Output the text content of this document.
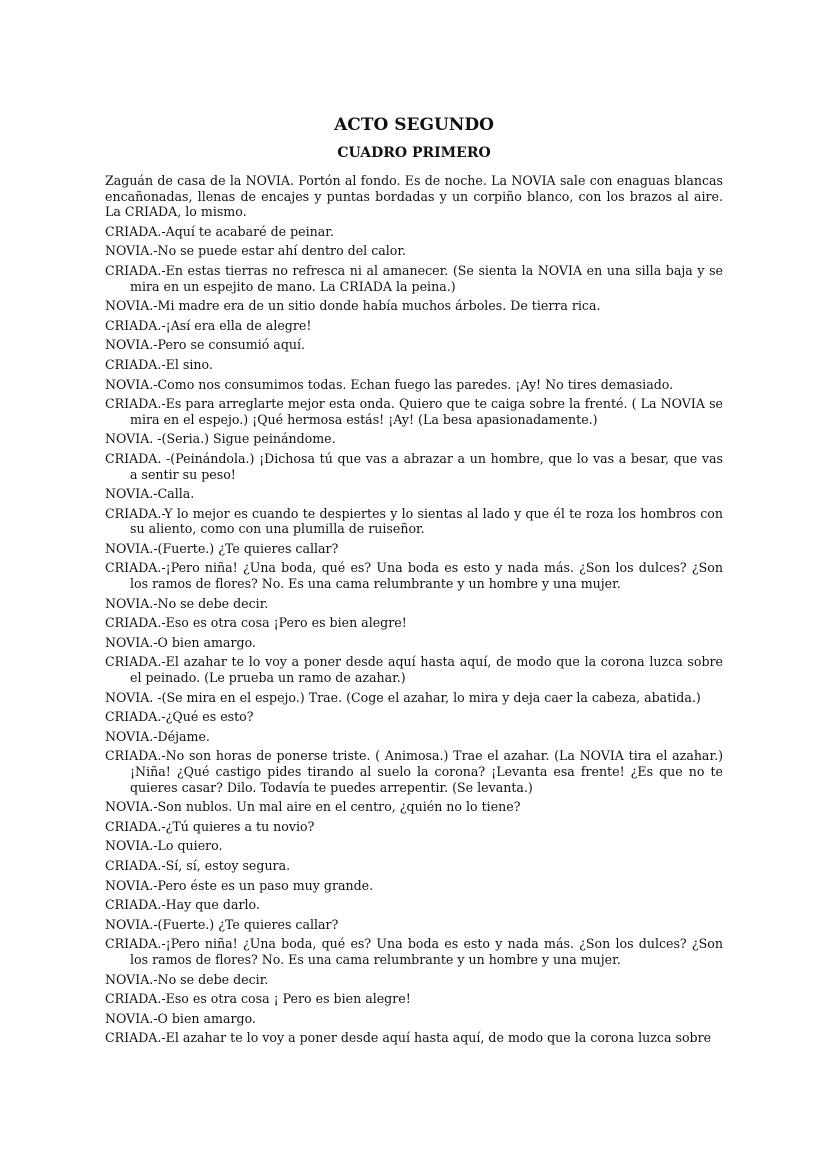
ACTO SEGUNDO
CUADRO PRIMERO

Zaguán de casa de la NOVIA. Portón al fondo. Es de noche. La NOVIA sale con enaguas blancas encañonadas, llenas de encajes y puntas bordadas y un corpiño blanco, con los brazos al aire. La CRIADA, lo mismo.

CRIADA.-Aquí te acabaré de peinar.

NOVIA.-No se puede estar ahí dentro del calor.

CRIADA.-En estas tierras no refresca ni al amanecer. (Se sienta la NOVIA en una silla baja y se mira en un espejito de mano. La CRIADA la peina.)

NOVIA.-Mi madre era de un sitio donde había muchos árboles. De tierra rica.

CRIADA.-¡Así era ella de alegre!

NOVIA.-Pero se consumió aquí.

CRIADA.-El sino.

NOVIA.-Como nos consumimos todas. Echan fuego las paredes. ¡Ay! No tires demasiado.

CRIADA.-Es para arreglarte mejor esta onda. Quiero que te caiga sobre la frenté. ( La NOVIA se mira en el espejo.) ¡Qué hermosa estás! ¡Ay! (La besa apasionadamente.)

NOVIA. -(Seria.) Sigue peinándome.

CRIADA. -(Peinándola.) ¡Dichosa tú que vas a abrazar a un hombre, que lo vas a besar, que vas a sentir su peso!

NOVIA.-Calla.

CRIADA.-Y lo mejor es cuando te despiertes y lo sientas al lado y que él te roza los hombros con su aliento, como con una plumilla de ruiseñor.

NOVIA.-(Fuerte.) ¿Te quieres callar?

CRIADA.-¡Pero niña! ¿Una boda, qué es? Una boda es esto y nada más. ¿Son los dulces? ¿Son los ramos de flores? No. Es una cama relumbrante y un hombre y una mujer.

NOVIA.-No se debe decir.

CRIADA.-Eso es otra cosa ¡Pero es bien alegre!

NOVIA.-O bien amargo.

CRIADA.-El azahar te lo voy a poner desde aquí hasta aquí, de modo que la corona luzca sobre el peinado. (Le prueba un ramo de azahar.)

NOVIA. -(Se mira en el espejo.) Trae. (Coge el azahar, lo mira y deja caer la cabeza, abatida.)

CRIADA.-¿Qué es esto?

NOVIA.-Déjame.

CRIADA.-No son horas de ponerse triste. ( Animosa.) Trae el azahar. (La NOVIA tira el azahar.) ¡Niña! ¿Qué castigo pides tirando al suelo la corona? ¡Levanta esa frente! ¿Es que no te quieres casar? Dilo. Todavía te puedes arrepentir. (Se levanta.)

NOVIA.-Son nublos. Un mal aire en el centro, ¿quién no lo tiene?

CRIADA.-¿Tú quieres a tu novio?

NOVIA.-Lo quiero.

CRIADA.-Sí, sí, estoy segura.

NOVIA.-Pero éste es un paso muy grande.

CRIADA.-Hay que darlo.

NOVIA.-(Fuerte.) ¿Te quieres callar?

CRIADA.-¡Pero niña! ¿Una boda, qué es? Una boda es esto y nada más. ¿Son los dulces? ¿Son los ramos de flores? No. Es una cama relumbrante y un hombre y una mujer.

NOVIA.-No se debe decir.

CRIADA.-Eso es otra cosa ¡ Pero es bien alegre!

NOVIA.-O bien amargo.

CRIADA.-El azahar te lo voy a poner desde aquí hasta aquí, de modo que la corona luzca sobre
